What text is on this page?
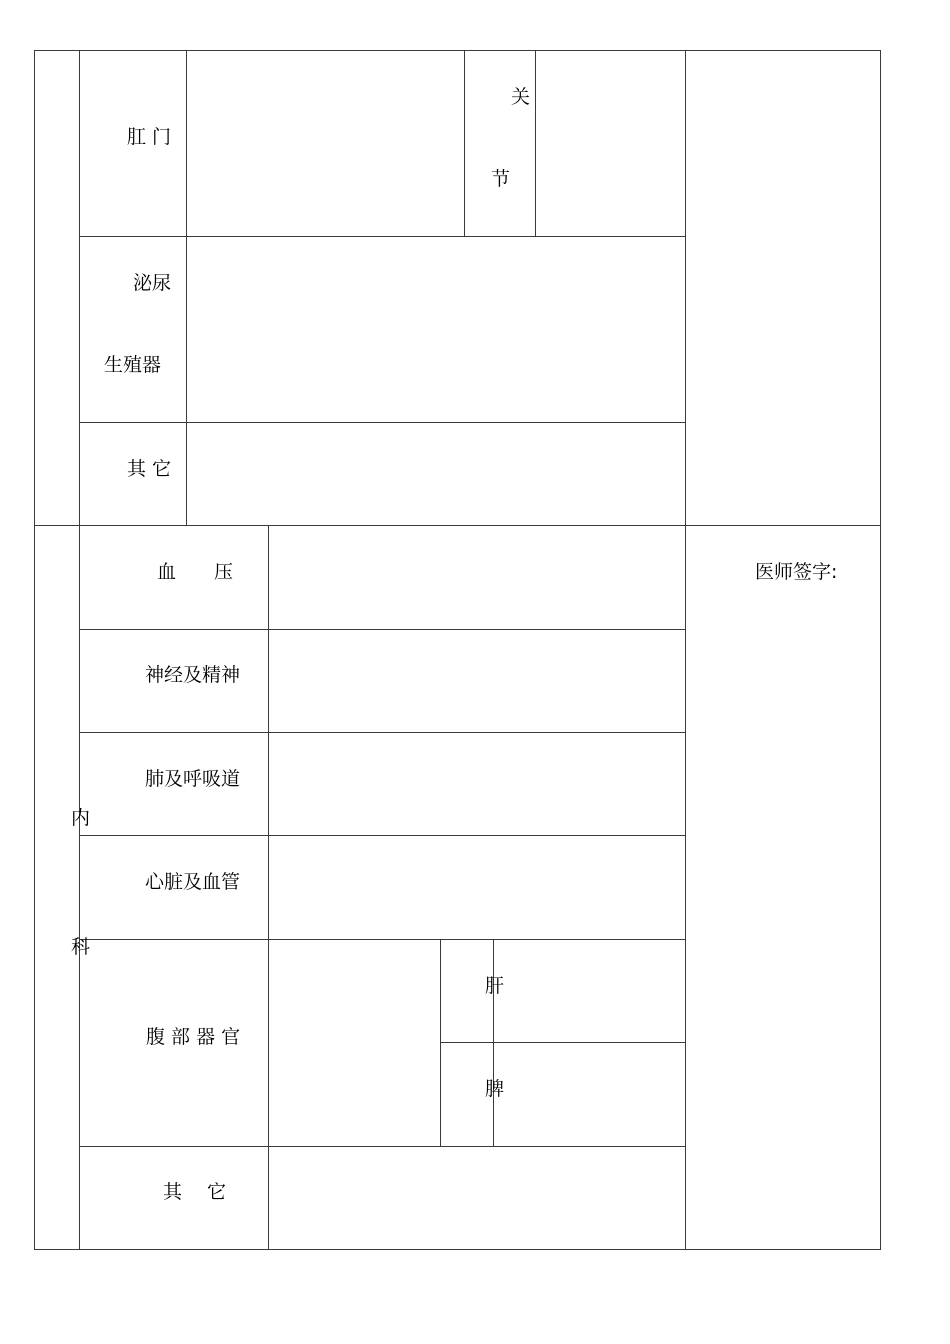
肛 门
关
节
泌尿
生殖器
其 它
内
科
血　　压
神经及精神
肺及呼吸道
心脏及血管
腹 部 器 官
肝
脾
其　 它
医师签字:
